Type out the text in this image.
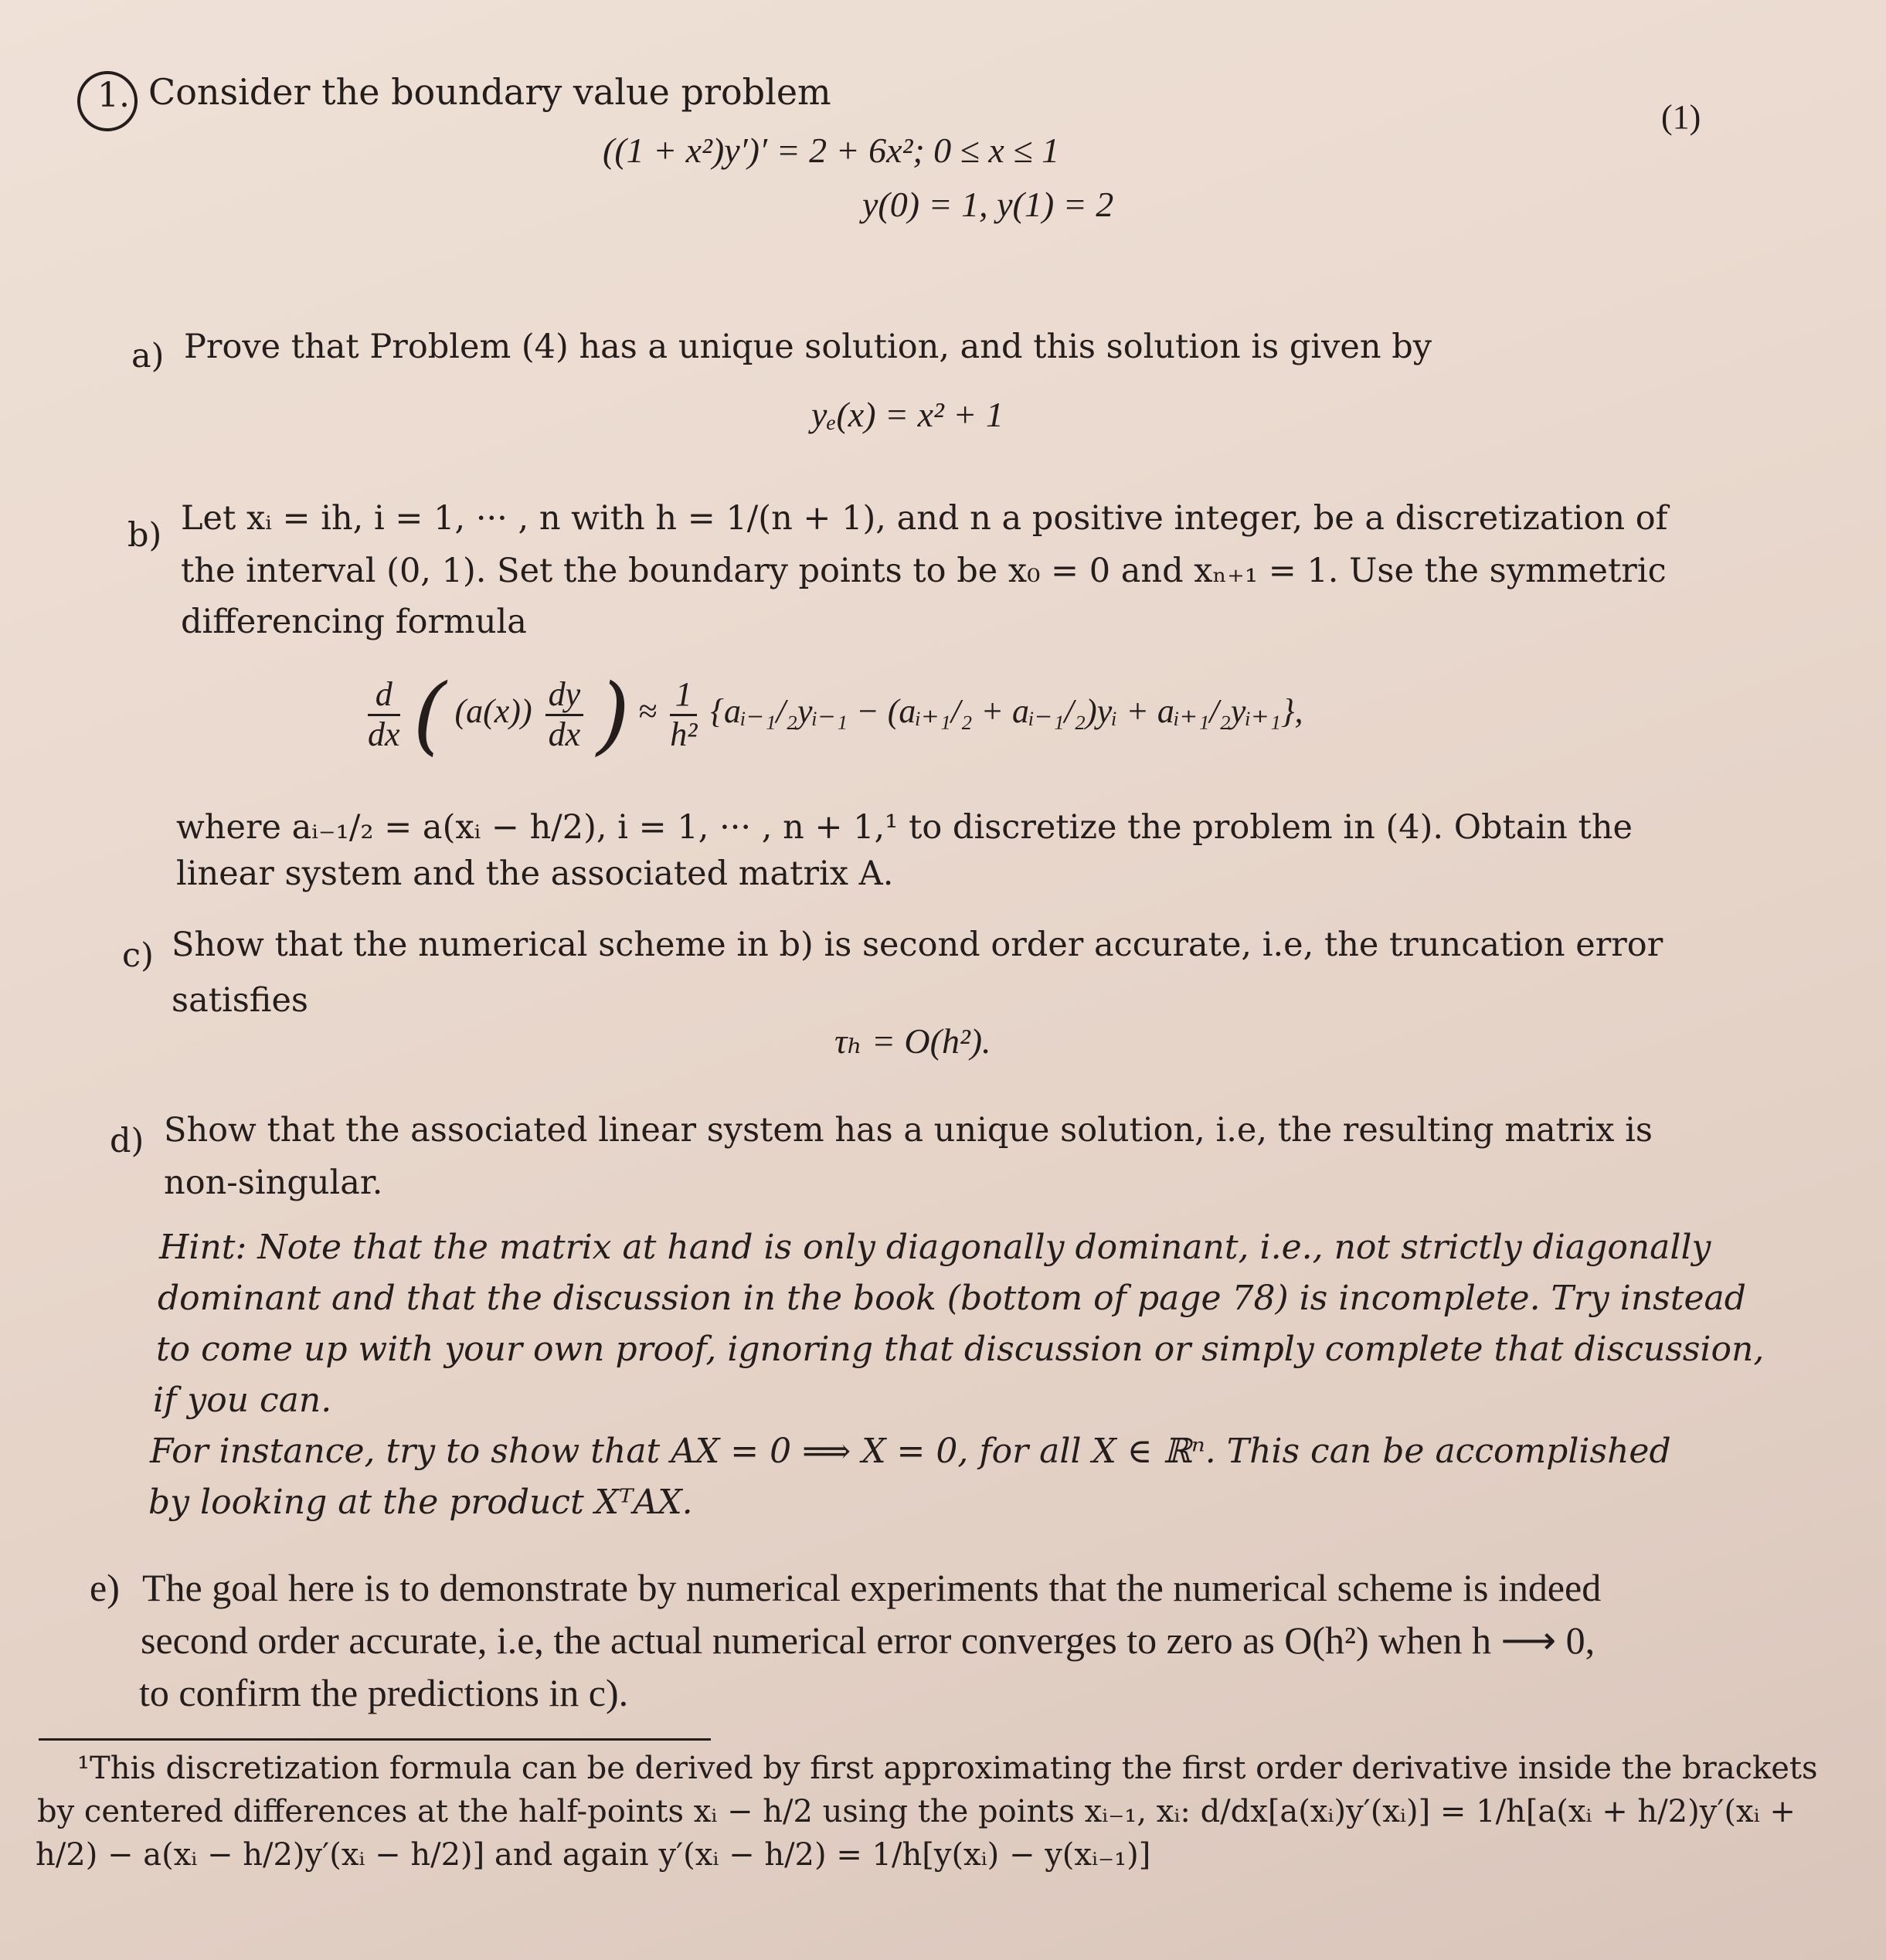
1. Consider the boundary value problem
(1)
((1 + x²)y′)′ = 2 + 6x²; 0 ≤ x ≤ 1
y(0) = 1, y(1) = 2
a) Prove that Problem (4) has a unique solution, and this solution is given by
yₑ(x) = x² + 1
b) Let xᵢ = ih, i = 1, ··· , n with h = 1/(n + 1), and n a positive integer, be a discretization of
the interval (0, 1). Set the boundary points to be x₀ = 0 and xₙ₊₁ = 1. Use the symmetric
differencing formula
$\frac{d}{dx}$ ( $(a(x)) \frac{dy}{dx}$ ) ≈ $\frac{1}{\text{h²}}$ {aᵢ₋₁/₂yᵢ₋₁ − (aᵢ₊₁/₂ + aᵢ₋₁/₂)yᵢ + aᵢ₊₁/₂yᵢ₊₁},
where aᵢ₋₁/₂ = a(xᵢ − h/2), i = 1, ··· , n + 1,¹ to discretize the problem in (4). Obtain the
linear system and the associated matrix A.
c) Show that the numerical scheme in b) is second order accurate, i.e, the truncation error
satisfies
τₕ = O(h²).
d) Show that the associated linear system has a unique solution, i.e, the resulting matrix is
non-singular.
Hint: Note that the matrix at hand is only diagonally dominant, i.e., not strictly diagonally
dominant and that the discussion in the book (bottom of page 78) is incomplete. Try instead
to come up with your own proof, ignoring that discussion or simply complete that discussion,
if you can.
For instance, try to show that AX = 0 ⟹ X = 0, for all X ∈ ℝⁿ. This can be accomplished
by looking at the product XᵀAX.
e) The goal here is to demonstrate by numerical experiments that the numerical scheme is indeed
second order accurate, i.e, the actual numerical error converges to zero as O(h²) when h ⟶ 0,
to confirm the predictions in c).
¹This discretization formula can be derived by first approximating the first order derivative inside the brackets
by centered differences at the half-points xᵢ − h/2 using the points xᵢ₋₁, xᵢ: d/dx[a(xᵢ)y′(xᵢ)] = 1/h[a(xᵢ + h/2)y′(xᵢ +
h/2) − a(xᵢ − h/2)y′(xᵢ − h/2)] and again y′(xᵢ − h/2) = 1/h[y(xᵢ) − y(xᵢ₋₁)]
